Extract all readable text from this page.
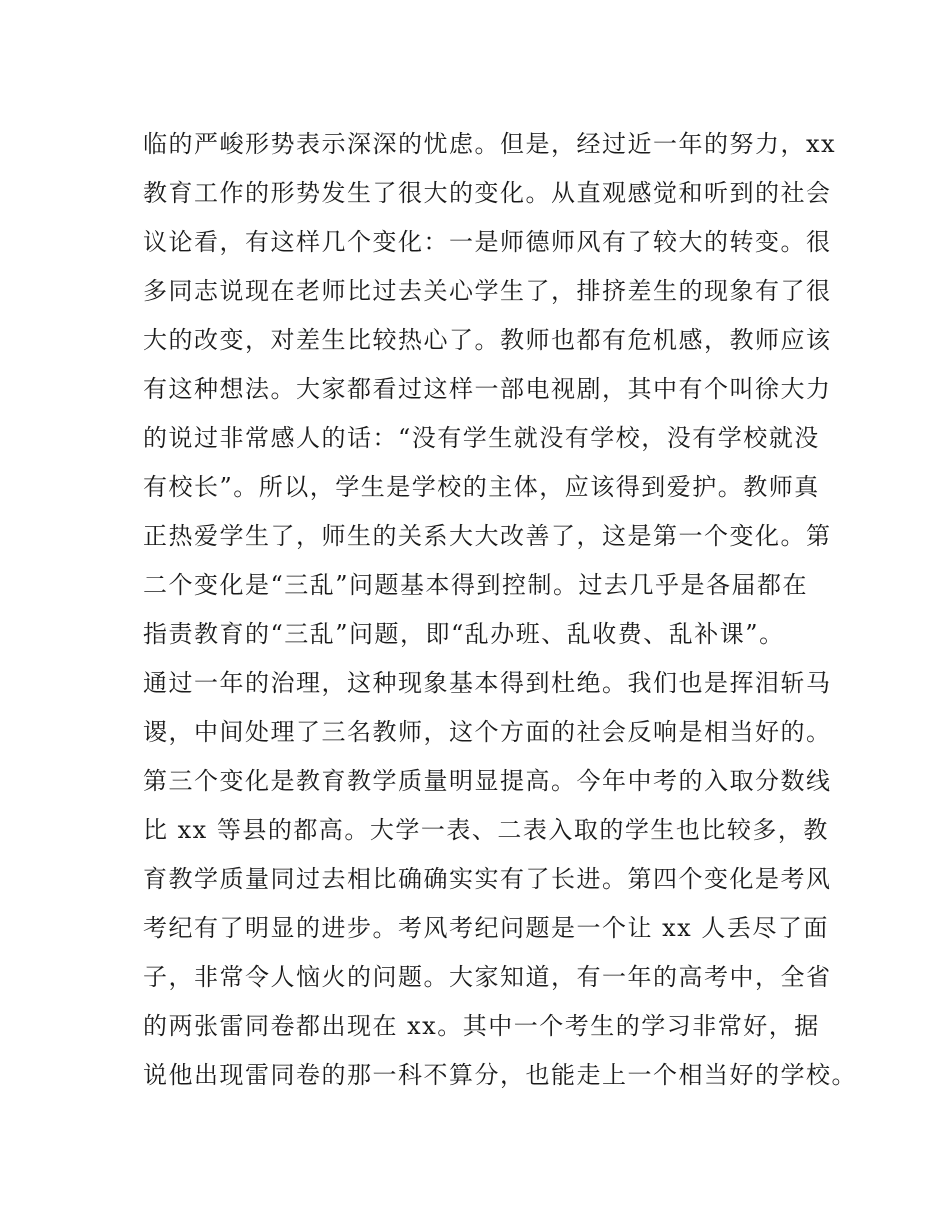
临的严峻形势表示深深的忧虑。但是，经过近一年的努力，xx
教育工作的形势发生了很大的变化。从直观感觉和听到的社会
议论看，有这样几个变化：一是师德师风有了较大的转变。很
多同志说现在老师比过去关心学生了，排挤差生的现象有了很
大的改变，对差生比较热心了。教师也都有危机感，教师应该
有这种想法。大家都看过这样一部电视剧，其中有个叫徐大力
的说过非常感人的话：“没有学生就没有学校，没有学校就没
有校长”。所以，学生是学校的主体，应该得到爱护。教师真
正热爱学生了，师生的关系大大改善了，这是第一个变化。第
二个变化是“三乱”问题基本得到控制。过去几乎是各届都在
指责教育的“三乱”问题，即“乱办班、乱收费、乱补课”。
通过一年的治理，这种现象基本得到杜绝。我们也是挥泪斩马
谡，中间处理了三名教师，这个方面的社会反响是相当好的。
第三个变化是教育教学质量明显提高。今年中考的入取分数线
比 xx 等县的都高。大学一表、二表入取的学生也比较多，教
育教学质量同过去相比确确实实有了长进。第四个变化是考风
考纪有了明显的进步。考风考纪问题是一个让 xx 人丢尽了面
子，非常令人恼火的问题。大家知道，有一年的高考中，全省
的两张雷同卷都出现在 xx。其中一个考生的学习非常好，据
说他出现雷同卷的那一科不算分，也能走上一个相当好的学校。
